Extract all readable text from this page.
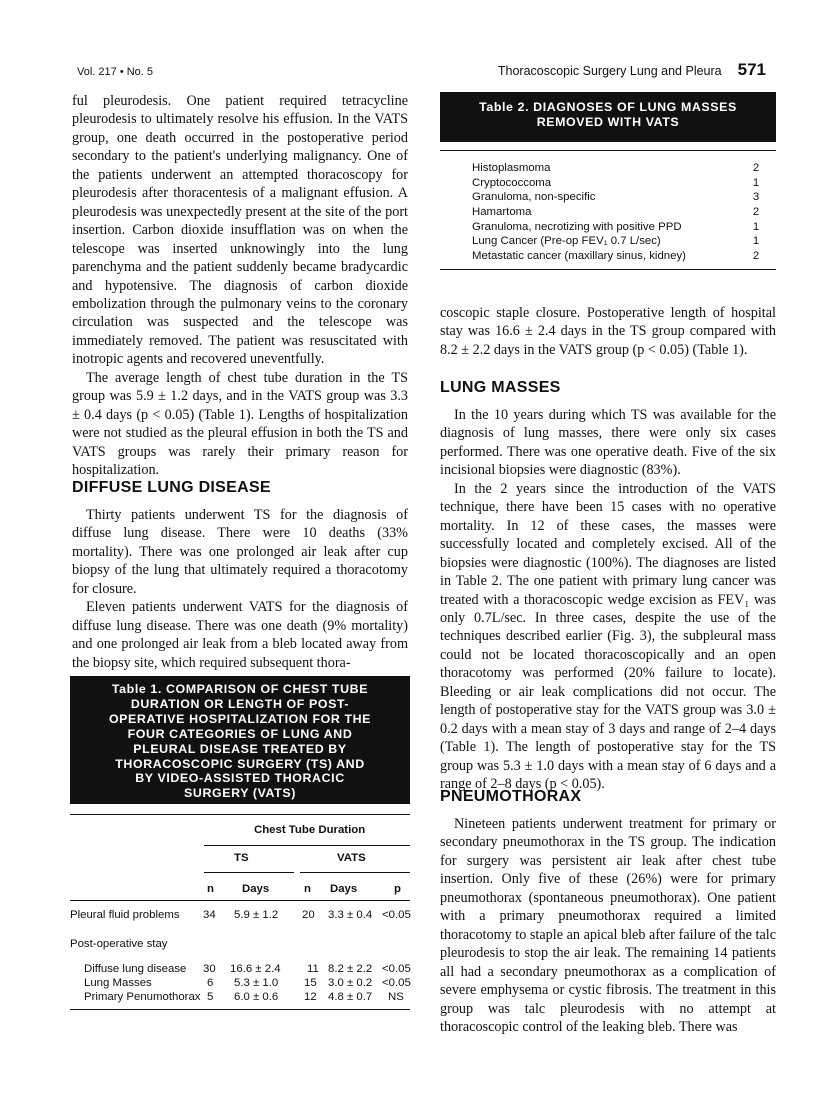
Vol. 217 • No. 5	Thoracoscopic Surgery Lung and Pleura 571

ful pleurodesis. One patient required tetracycline pleurodesis to ultimately resolve his effusion. In the VATS group, one death occurred in the postoperative period secondary to the patient's underlying malignancy. One of the patients underwent an attempted thoracoscopy for pleurodesis after thoracentesis of a malignant effusion. A pleurodesis was unexpectedly present at the site of the port insertion. Carbon dioxide insufflation was on when the telescope was inserted unknowingly into the lung parenchyma and the patient suddenly became bradycardic and hypotensive. The diagnosis of carbon dioxide embolization through the pulmonary veins to the coronary circulation was suspected and the telescope was immediately removed. The patient was resuscitated with inotropic agents and recovered uneventfully.

The average length of chest tube duration in the TS group was 5.9 ± 1.2 days, and in the VATS group was 3.3 ± 0.4 days (p < 0.05) (Table 1). Lengths of hospitalization were not studied as the pleural effusion in both the TS and VATS groups was rarely their primary reason for hospitalization.

DIFFUSE LUNG DISEASE

Thirty patients underwent TS for the diagnosis of diffuse lung disease. There were 10 deaths (33% mortality). There was one prolonged air leak after cup biopsy of the lung that ultimately required a thoracotomy for closure.

Eleven patients underwent VATS for the diagnosis of diffuse lung disease. There was one death (9% mortality) and one prolonged air leak from a bleb located away from the biopsy site, which required subsequent thora-

Table 1. COMPARISON OF CHEST TUBE
DURATION OR LENGTH OF POST-
OPERATIVE HOSPITALIZATION FOR THE
FOUR CATEGORIES OF LUNG AND
PLEURAL DISEASE TREATED BY
THORACOSCOPIC SURGERY (TS) AND
BY VIDEO-ASSISTED THORACIC
SURGERY (VATS)
Chest Tube Duration
TS	VATS
n Days	n Days	p
Pleural fluid problems 34 5.9 ± 1.2 20 3.3 ± 0.4 <0.05
Post-operative stay
Diffuse lung disease 30 16.6 ± 2.4 11 8.2 ± 2.2 <0.05
Lung Masses	6 5.3 ± 1.0 15 3.0 ± 0.2 <0.05
Primary Penumothorax 5 6.0 ± 0.6 12 4.8 ± 0.7 NS
Table 2. DIAGNOSES OF LUNG MASSES
REMOVED WITH VATS
Histoplasmoma	2
Cryptococcoma	1
Granuloma, non-specific	3
Hamartoma	2
Granuloma, necrotizing with positive PPD	1
Lung Cancer (Pre-op FEV₁ 0.7 L/sec)	1
Metastatic cancer (maxillary sinus, kidney)	2

coscopic staple closure. Postoperative length of hospital stay was 16.6 ± 2.4 days in the TS group compared with 8.2 ± 2.2 days in the VATS group (p < 0.05) (Table 1).

LUNG MASSES

In the 10 years during which TS was available for the diagnosis of lung masses, there were only six cases performed. There was one operative death. Five of the six incisional biopsies were diagnostic (83%).

In the 2 years since the introduction of the VATS technique, there have been 15 cases with no operative mortality. In 12 of these cases, the masses were successfully located and completely excised. All of the biopsies were diagnostic (100%). The diagnoses are listed in Table 2. The one patient with primary lung cancer was treated with a thoracoscopic wedge excision as FEV₁ was only 0.7L/sec. In three cases, despite the use of the techniques described earlier (Fig. 3), the subpleural mass could not be located thoracoscopically and an open thoracotomy was performed (20% failure to locate). Bleeding or air leak complications did not occur. The length of postoperative stay for the VATS group was 3.0 ± 0.2 days with a mean stay of 3 days and range of 2–4 days (Table 1). The length of postoperative stay for the TS group was 5.3 ± 1.0 days with a mean stay of 6 days and a range of 2–8 days (p < 0.05).

PNEUMOTHORAX

Nineteen patients underwent treatment for primary or secondary pneumothorax in the TS group. The indication for surgery was persistent air leak after chest tube insertion. Only five of these (26%) were for primary pneumothorax (spontaneous pneumothorax). One patient with a primary pneumothorax required a limited thoracotomy to staple an apical bleb after failure of the talc pleurodesis to stop the air leak. The remaining 14 patients all had a secondary pneumothorax as a complication of severe emphysema or cystic fibrosis. The treatment in this group was talc pleurodesis with no attempt at thoracoscopic control of the leaking bleb. There was
